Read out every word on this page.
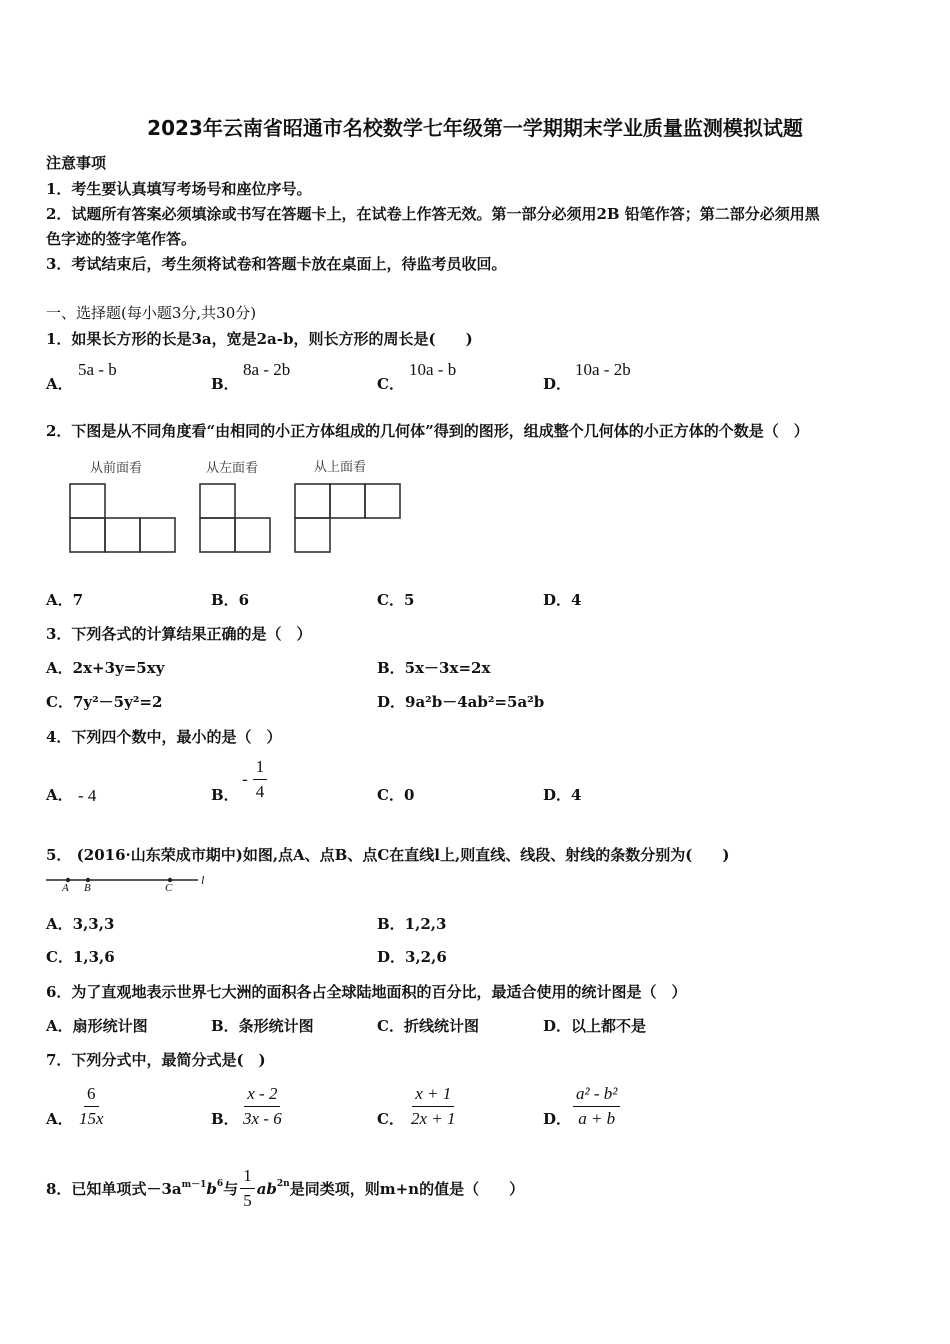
2023年云南省昭通市名校数学七年级第一学期期末学业质量监测模拟试题
注意事项
1．考生要认真填写考场号和座位序号。
2．试题所有答案必须填涂或书写在答题卡上，在试卷上作答无效。第一部分必须用2B 铅笔作答；第二部分必须用黑
色字迹的签字笔作答。
3．考试结束后，考生须将试卷和答题卡放在桌面上，待监考员收回。
一、选择题(每小题3分,共30分)
1．如果长方形的长是3a，宽是2a-b，则长方形的周长是(　　)
A．
5a - b
B．
8a - 2b
C．
10a - b
D．
10a - 2b
2．下图是从不同角度看“由相同的小正方体组成的几何体”得到的图形，组成整个几何体的小正方体的个数是（　）
从前面看	从左面看	从上面看
A．7	B．6	C．5	D．4
3．下列各式的计算结果正确的是（　）
A．2x+3y=5xy	B．5x－3x=2x
C．7y²－5y²=2	D．9a²b－4ab²=5a²b
4．下列四个数中，最小的是（　）
A． - 4	B．
- $\frac{1}{4}$	C．0	D．4
5． (2016·山东荣成市期中)如图,点A、点B、点C在直线l上,则直线、线段、射线的条数分别为(　　)
A B	C
l
A．3,3,3	B．1,2,3
C．1,3,6	D．3,2,6
6．为了直观地表示世界七大洲的面积各占全球陆地面积的百分比，最适合使用的统计图是（　）
A．扇形统计图	B．条形统计图	C．折线统计图	D．以上都不是
7．下列分式中，最简分式是(　)
A． $\frac{6}{15x}$	B． $\frac{x - 2}{3x - 6}$	C． $\frac{x + 1}{2x + 1}$	D． $\frac{\text{a² - b²}}{a + b}$
8．已知单项式$-3a^{m-1}$ $b^6$ 与 $\frac{1}{5} ab^{2n}$ 是同类项，则m+n的值是（　　）
